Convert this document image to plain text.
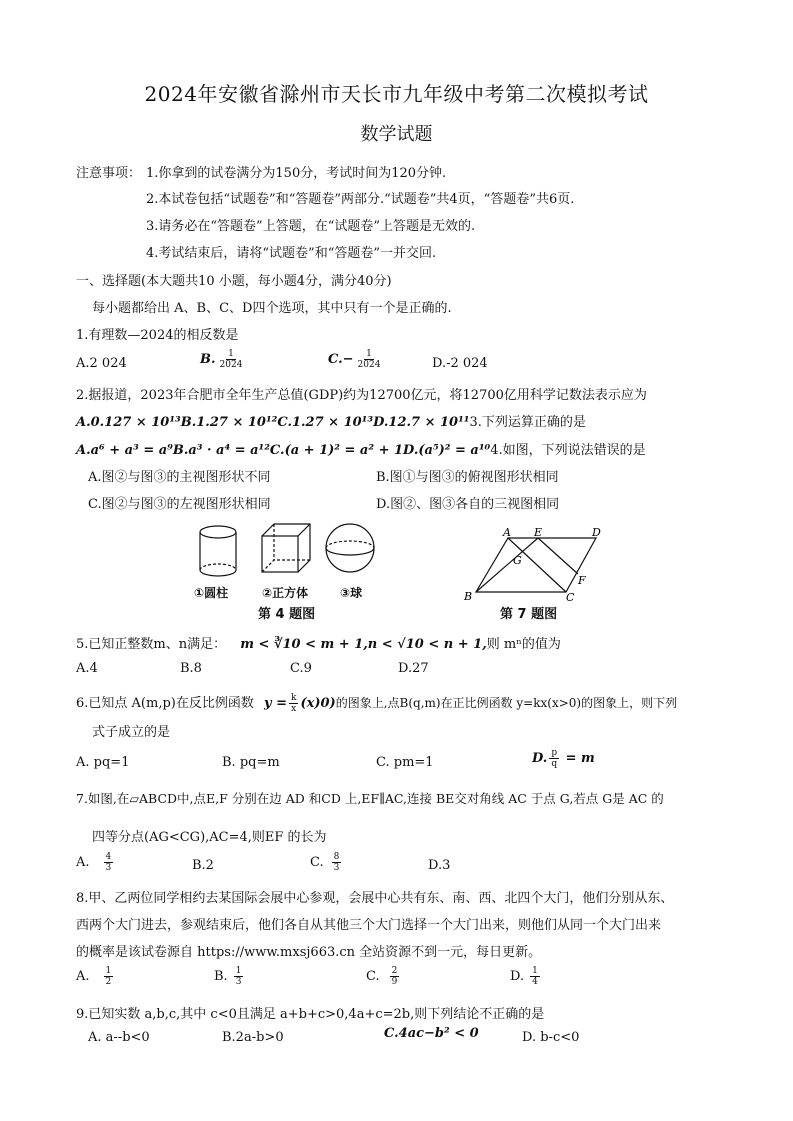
2024年安徽省滁州市天长市九年级中考第二次模拟考试
数学试题
注意事项： 1.你拿到的试卷满分为150分，考试时间为120分钟.
2.本试卷包括“试题卷”和“答题卷”两部分.“试题卷”共4页，“答题卷”共6页.
3.请务必在“答题卷”上答题，在“试题卷”上答题是无效的.
4.考试结束后，请将“试题卷”和“答题卷”一并交回.
一、选择题(本大题共10 小题，每小题4分，满分40分)
每小题都给出 A、B、C、D四个选项，其中只有一个是正确的.
1.有理数—2024的相反数是
A.2 024	B. $\frac{1}{2024}$	$C.- \frac{1}{2024}$	D.-2 024
2.据报道，2023年合肥市全年生产总值(GDP)约为12700亿元，将12700亿用科学记数法表示应为
A.0.127 × 10¹³B.1.27 × 10¹²C.1.27 × 10¹³D.12.7 × 10¹¹3.下列运算正确的是
A.a⁶ + a³ = a⁹B.a³ · a⁴ = a¹²C.(a + 1)² = a² + 1D.(a⁵)² = a¹⁰4.如图，下列说法错误的是
A.图②与图③的主视图形状不同	B.图①与图③的俯视图形状相同
C.图②与图③的左视图形状相同	D.图②、图③各自的三视图相同
①圆柱	②正方体	③球
第 4 题图
A E	D
G
F
B	C
第 7 题图
5.已知正整数m、n满足： m < ∛10 < m + 1,n < √10 < n + 1,则 mⁿ的值为
A.4	B.8	C.9	D.27
6.已知点 A(m,p)在反比例函数 $y = \frac{k}{x} (x)0$)的图象上,点B(q,m)在正比例函数 y=kx(x>0)的图象上，则下列
式子成立的是
A. pq=1	B. pq=m	C. pm=1	D. $\frac{p}{q} = m$
7.如图,在▱ABCD中,点E,F 分别在边 AD 和CD 上,EF∥AC,连接 BE交对角线 AC 于点 G,若点 G是 AC 的
四等分点(AG<CG),AC=4,则EF 的长为
A. $\frac{4}{3}$	B.2	C. $\frac{8}{3}$	D.3
8.甲、乙两位同学相约去某国际会展中心参观，会展中心共有东、南、西、北四个大门，他们分别从东、
西两个大门进去，参观结束后，他们各自从其他三个大门选择一个大门出来，则他们从同一个大门出来
的概率是该试卷源自 https://www.mxsj663.cn 全站资源不到一元，每日更新。
A. $\frac{1}{2}$	B. $\frac{1}{3}$	C. $\frac{2}{9}$	D. $\frac{1}{4}$
9.已知实数 a,b,c,其中 c<0且满足 a+b+c>0,4a+c=2b,则下列结论不正确的是
A. a--b<0	B.2a-b>0	C.4ac−b² < 0	D. b-c<0
